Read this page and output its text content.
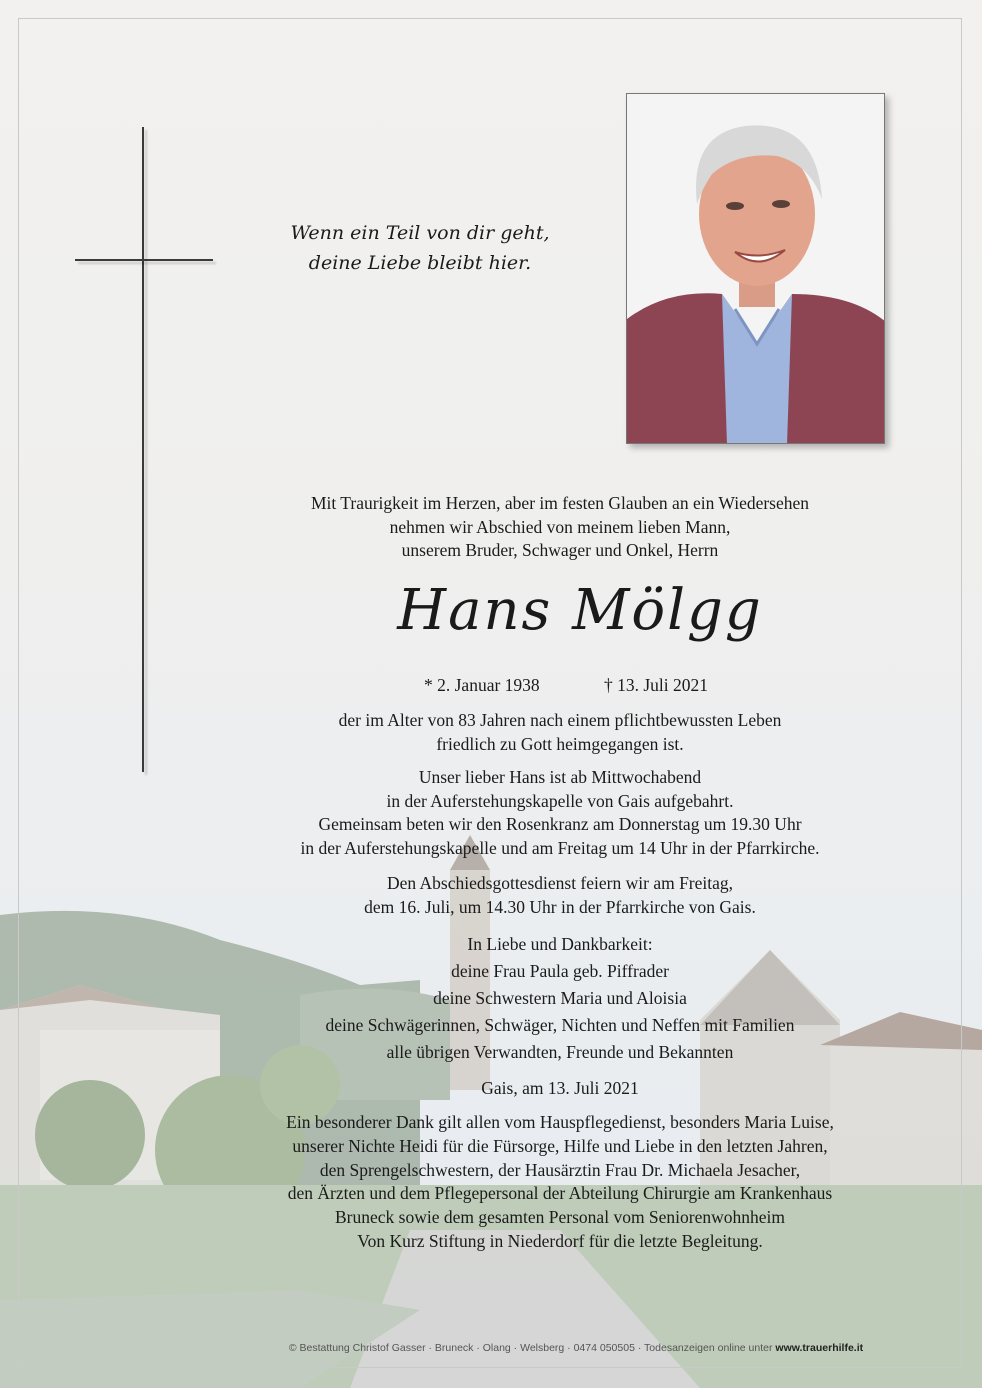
Wenn ein Teil von dir geht,
deine Liebe bleibt hier.
Mit Traurigkeit im Herzen, aber im festen Glauben an ein Wiedersehen
nehmen wir Abschied von meinem lieben Mann,
unserem Bruder, Schwager und Onkel, Herrn
Hans Mölgg
* 2. Januar 1938	† 13. Juli 2021
der im Alter von 83 Jahren nach einem pflichtbewussten Leben
friedlich zu Gott heimgegangen ist.
Unser lieber Hans ist ab Mittwochabend
in der Auferstehungskapelle von Gais aufgebahrt.
Gemeinsam beten wir den Rosenkranz am Donnerstag um 19.30 Uhr
in der Auferstehungskapelle und am Freitag um 14 Uhr in der Pfarrkirche.
Den Abschiedsgottesdienst feiern wir am Freitag,
dem 16. Juli, um 14.30 Uhr in der Pfarrkirche von Gais.
In Liebe und Dankbarkeit:
deine Frau Paula geb. Piffrader
deine Schwestern Maria und Aloisia
deine Schwägerinnen, Schwäger, Nichten und Neffen mit Familien
alle übrigen Verwandten, Freunde und Bekannten
Gais, am 13. Juli 2021
Ein besonderer Dank gilt allen vom Hauspflegedienst, besonders Maria Luise,
unserer Nichte Heidi für die Fürsorge, Hilfe und Liebe in den letzten Jahren,
den Sprengelschwestern, der Hausärztin Frau Dr. Michaela Jesacher,
den Ärzten und dem Pflegepersonal der Abteilung Chirurgie am Krankenhaus
Bruneck sowie dem gesamten Personal vom Seniorenwohnheim
Von Kurz Stiftung in Niederdorf für die letzte Begleitung.
© Bestattung Christof Gasser · Bruneck · Olang · Welsberg · 0474 050505 · Todesanzeigen online unter www.trauerhilfe.it
